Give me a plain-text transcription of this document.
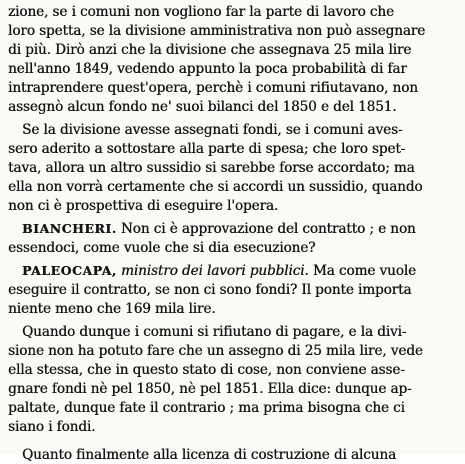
zione, se i comuni non vogliono far la parte di lavoro che
loro spetta, se la divisione amministrativa non può assegnare
di più. Dirò anzi che la divisione che assegnava 25 mila lire
nell'anno 1849, vedendo appunto la poca probabilità di far
intraprendere quest'opera, perchè i comuni rifiutavano, non
assegnò alcun fondo ne' suoi bilanci del 1850 e del 1851.
Se la divisione avesse assegnati fondi, se i comuni aves-
sero aderito a sottostare alla parte di spesa; che loro spet-
tava, allora un altro sussidio si sarebbe forse accordato; ma
ella non vorrà certamente che si accordi un sussidio, quando
non ci è prospettiva di eseguire l'opera.
BIANCHERI. Non ci è approvazione del contratto ; e non
essendoci, come vuole che si dia esecuzione?
PALEOCAPA, ministro dei lavori pubblici. Ma come vuole
eseguire il contratto, se non ci sono fondi? Il ponte importa
niente meno che 169 mila lire.
Quando dunque i comuni si rifiutano di pagare, e la divi-
sione non ha potuto fare che un assegno di 25 mila lire, vede
ella stessa, che in questo stato di cose, non conviene asse-
gnare fondi nè pel 1850, nè pel 1851. Ella dice: dunque ap-
paltate, dunque fate il contrario ; ma prima bisogna che ci
siano i fondi.
Quanto finalmente alla licenza di costruzione di alcuna
